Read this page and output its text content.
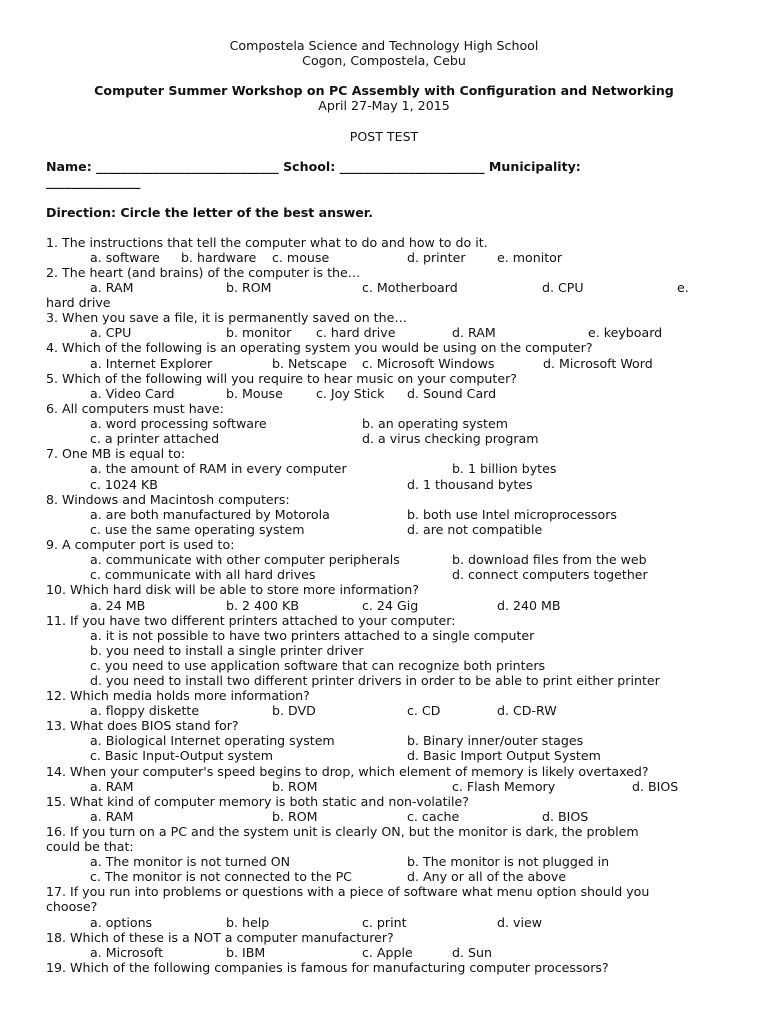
Compostela Science and Technology High School
Cogon, Compostela, Cebu
Computer Summer Workshop on PC Assembly with Configuration and Networking
April 27-May 1, 2015
POST TEST
Name: _____________________________ School: _______________________ Municipality:
_______________
Direction: Circle the letter of the best answer.
1. The instructions that tell the computer what to do and how to do it.
a. software b. hardware c. mouse	d. printer e. monitor
2. The heart (and brains) of the computer is the…
a. RAM	b. ROM	c. Motherboard	d. CPU	e.
hard drive
3. When you save a file, it is permanently saved on the…
a. CPU	b. monitor c. hard drive	d. RAM	e. keyboard
4. Which of the following is an operating system you would be using on the computer?
a. Internet Explorer	b. Netscape c. Microsoft Windows	d. Microsoft Word
5. Which of the following will you require to hear music on your computer?
a. Video Card	b. Mouse	c. Joy Stick d. Sound Card
6. All computers must have:
a. word processing software	b. an operating system
c. a printer attached	d. a virus checking program
7. One MB is equal to:
a. the amount of RAM in every computer	b. 1 billion bytes
c. 1024 KB	d. 1 thousand bytes
8. Windows and Macintosh computers:
a. are both manufactured by Motorola	b. both use Intel microprocessors
c. use the same operating system	d. are not compatible
9. A computer port is used to:
a. communicate with other computer peripherals	b. download files from the web
c. communicate with all hard drives	d. connect computers together
10. Which hard disk will be able to store more information?
a. 24 MB	b. 2 400 KB	c. 24 Gig	d. 240 MB
11. If you have two different printers attached to your computer:
a. it is not possible to have two printers attached to a single computer
b. you need to install a single printer driver
c. you need to use application software that can recognize both printers
d. you need to install two different printer drivers in order to be able to print either printer
12. Which media holds more information?
a. floppy diskette	b. DVD	c. CD	d. CD-RW
13. What does BIOS stand for?
a. Biological Internet operating system	b. Binary inner/outer stages
c. Basic Input-Output system	d. Basic Import Output System
14. When your computer's speed begins to drop, which element of memory is likely overtaxed?
a. RAM	b. ROM	c. Flash Memory	d. BIOS
15. What kind of computer memory is both static and non-volatile?
a. RAM	b. ROM	c. cache	d. BIOS
16. If you turn on a PC and the system unit is clearly ON, but the monitor is dark, the problem
could be that:
a. The monitor is not turned ON	b. The monitor is not plugged in
c. The monitor is not connected to the PC	d. Any or all of the above
17. If you run into problems or questions with a piece of software what menu option should you
choose?
a. options	b. help	c. print	d. view
18. Which of these is a NOT a computer manufacturer?
a. Microsoft	b. IBM	c. Apple	d. Sun
19. Which of the following companies is famous for manufacturing computer processors?
